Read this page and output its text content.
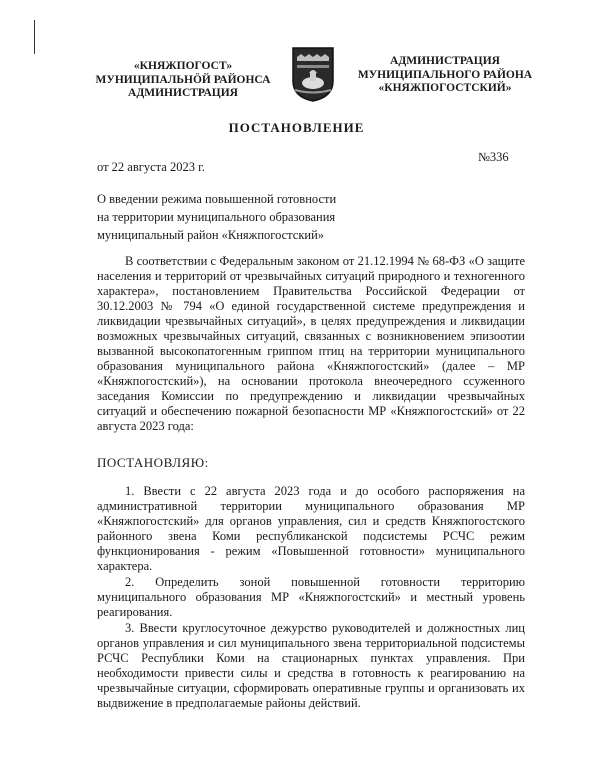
«КНЯЖПОГОСТ»
МУНИЦИПАЛЬНÖЙ РАЙОНСА
АДМИНИСТРАЦИЯ
АДМИНИСТРАЦИЯ
МУНИЦИПАЛЬНОГО РАЙОНА
«КНЯЖПОГОСТСКИЙ»
ПОСТАНОВЛЕНИЕ
№336
от 22 августа 2023 г.
О введении режима повышенной готовности
на территории муниципального образования
муниципальный район «Княжпогостский»

В соответствии с Федеральным законом от 21.12.1994 № 68-ФЗ «О защите населения и территорий от чрезвычайных ситуаций природного и техногенного характера», постановлением Правительства Российской Федерации от 30.12.2003 № 794 «О единой государственной системе предупреждения и ликвидации чрезвычайных ситуаций», в целях предупреждения и ликвидации возможных чрезвычайных ситуаций, связанных с возникновением эпизоотии вызванной высокопатогенным гриппом птиц на территории муниципального образования муниципального района «Княжпогостский» (далее – МР «Княжпогостский»), на основании протокола внеочередного ссуженного заседания Комиссии по предупреждению и ликвидации чрезвычайных ситуаций и обеспечению пожарной безопасности МР «Княжпогостский» от 22 августа 2023 года:

ПОСТАНОВЛЯЮ:

1. Ввести с 22 августа 2023 года и до особого распоряжения на административной территории муниципального образования МР «Княжпогостский» для органов управления, сил и средств Княжпогостского районного звена Коми республиканской подсистемы РСЧС режим функционирования - режим «Повышенной готовности» муниципального характера.

2. Определить зоной повышенной готовности территорию муниципального образования МР «Княжпогостский» и местный уровень реагирования.

3. Ввести круглосуточное дежурство руководителей и должностных лиц органов управления и сил муниципального звена территориальной подсистемы РСЧС Республики Коми на стационарных пунктах управления. При необходимости привести силы и средства в готовность к реагированию на чрезвычайные ситуации, сформировать оперативные группы и организовать их выдвижение в предполагаемые районы действий.
